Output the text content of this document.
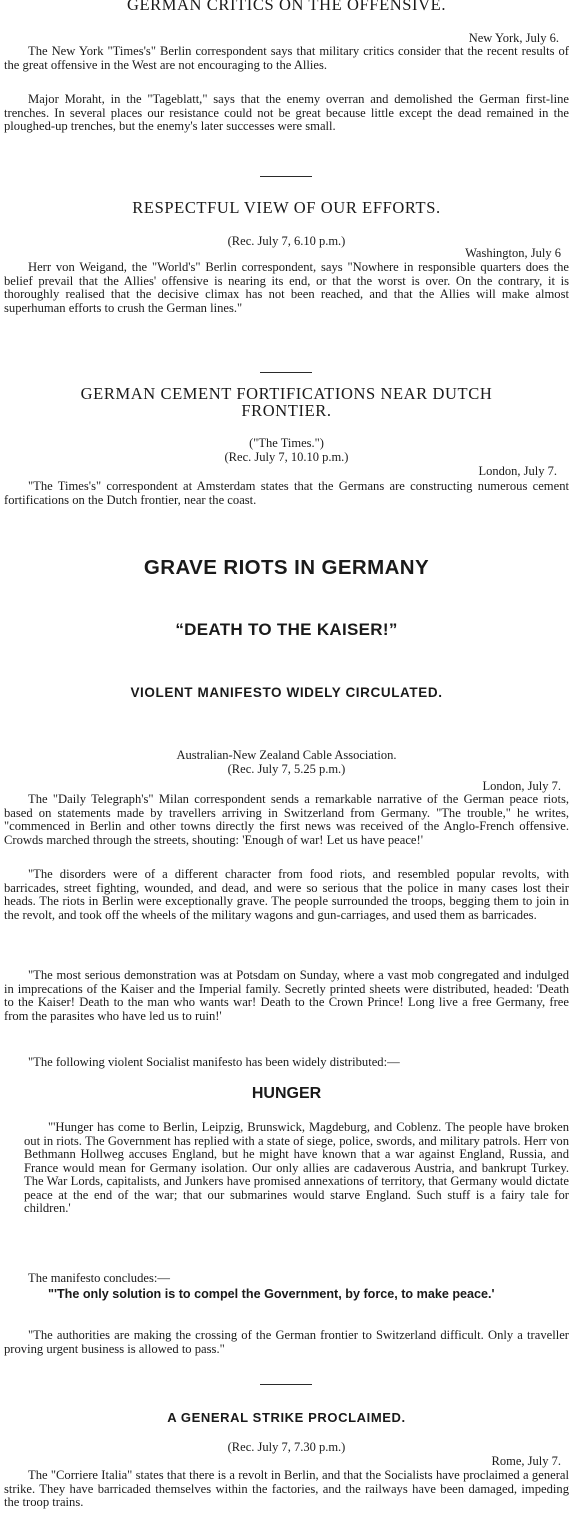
GERMAN CRITICS ON THE OFFENSIVE.
New York, July 6.

The New York "Times's" Berlin correspondent says that military critics consider that the recent results of the great offensive in the West are not encouraging to the Allies.

Major Moraht, in the "Tageblatt," says that the enemy overran and demolished the German first-line trenches. In several places our resistance could not be great because little except the dead remained in the ploughed-up trenches, but the enemy's later successes were small.

RESPECTFUL VIEW OF OUR EFFORTS.
(Rec. July 7, 6.10 p.m.)
Washington, July 6

Herr von Weigand, the "World's" Berlin correspondent, says "Nowhere in responsible quarters does the belief prevail that the Allies' offensive is nearing its end, or that the worst is over. On the contrary, it is thoroughly realised that the decisive climax has not been reached, and that the Allies will make almost superhuman efforts to crush the German lines."

GERMAN CEMENT FORTIFICATIONS NEAR DUTCH
FRONTIER.
("The Times.")
(Rec. July 7, 10.10 p.m.)
London, July 7.

"The Times's" correspondent at Amsterdam states that the Germans are constructing numerous cement fortifications on the Dutch frontier, near the coast.

GRAVE RIOTS IN GERMANY
“DEATH TO THE KAISER!”
VIOLENT MANIFESTO WIDELY CIRCULATED.
Australian-New Zealand Cable Association.
(Rec. July 7, 5.25 p.m.)
London, July 7.

The "Daily Telegraph's" Milan correspondent sends a remarkable narrative of the German peace riots, based on statements made by travellers arriving in Switzerland from Germany. "The trouble," he writes, "commenced in Berlin and other towns directly the first news was received of the Anglo-French offensive. Crowds marched through the streets, shouting: 'Enough of war! Let us have peace!'

"The disorders were of a different character from food riots, and resembled popular revolts, with barricades, street fighting, wounded, and dead, and were so serious that the police in many cases lost their heads. The riots in Berlin were exceptionally grave. The people surrounded the troops, begging them to join in the revolt, and took off the wheels of the military wagons and gun-carriages, and used them as barricades.

"The most serious demonstration was at Potsdam on Sunday, where a vast mob congregated and indulged in imprecations of the Kaiser and the Imperial family. Secretly printed sheets were distributed, headed: 'Death to the Kaiser! Death to the man who wants war! Death to the Crown Prince! Long live a free Germany, free from the parasites who have led us to ruin!'

"The following violent Socialist manifesto has been widely distributed:—

HUNGER

"'Hunger has come to Berlin, Leipzig, Brunswick, Magdeburg, and Coblenz. The people have broken out in riots. The Government has replied with a state of siege, police, swords, and military patrols. Herr von Bethmann Hollweg accuses England, but he might have known that a war against England, Russia, and France would mean for Germany isolation. Our only allies are cadaverous Austria, and bankrupt Turkey. The War Lords, capitalists, and Junkers have promised annexations of territory, that Germany would dictate peace at the end of the war; that our submarines would starve England. Such stuff is a fairy tale for children.'

The manifesto concludes:—

"'The only solution is to compel the Government, by force, to make peace.'

"The authorities are making the crossing of the German frontier to Switzerland difficult. Only a traveller proving urgent business is allowed to pass."

A GENERAL STRIKE PROCLAIMED.
(Rec. July 7, 7.30 p.m.)
Rome, July 7.

The "Corriere Italia" states that there is a revolt in Berlin, and that the Socialists have proclaimed a general strike. They have barricaded themselves within the factories, and the railways have been damaged, impeding the troop trains.
